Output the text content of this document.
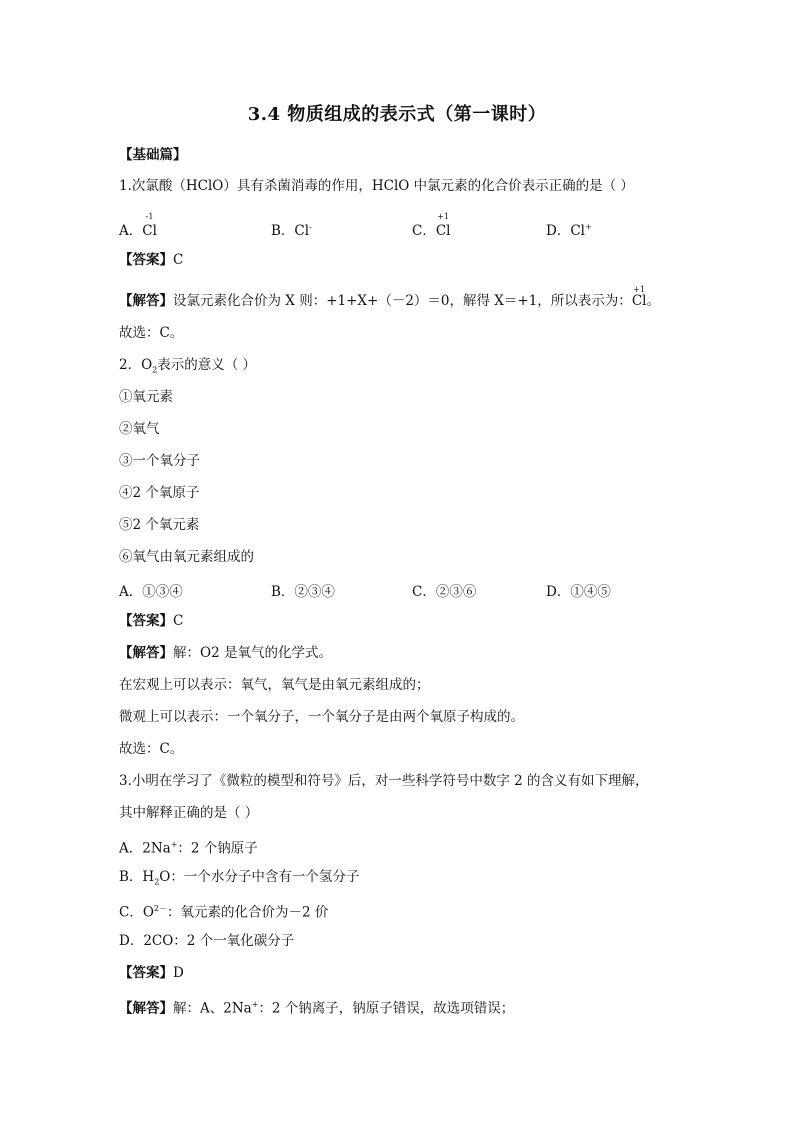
3.4 物质组成的表示式（第一课时）
【基础篇】
1.次氯酸（HClO）具有杀菌消毒的作用，HClO 中氯元素的化合价表示正确的是（ ）
A．
-1
Cl	B．Cl-	C．
+1
Cl	D．Cl+
【答案】C
【解答】设氯元素化合价为 X 则：+1+X+（－2）＝0，解得 X＝+1，所以表示为：
+1
Cl。
故选：C。
2．$O_2$表示的意义（ ）
①氧元素
②氧气
③一个氧分子
④2 个氧原子
⑤2 个氧元素
⑥氧气由氧元素组成的
A．①③④	B．②③④	C．②③⑥	D．①④⑤
【答案】C
【解答】解：O2 是氧气的化学式。
在宏观上可以表示：氧气，氧气是由氧元素组成的；
微观上可以表示：一个氧分子，一个氧分子是由两个氧原子构成的。
故选：C。
3.小明在学习了《微粒的模型和符号》后，对一些科学符号中数字 2 的含义有如下理解，
其中解释正确的是（ ）
A．2Na+：2 个钠原子
B．$H_2O$：一个水分子中含有一个氢分子
C．$O^{2-}$：氧元素的化合价为－2 价
D．2CO：2 个一氧化碳分子
【答案】D
【解答】解：A、2Na+：2 个钠离子，钠原子错误，故选项错误；
